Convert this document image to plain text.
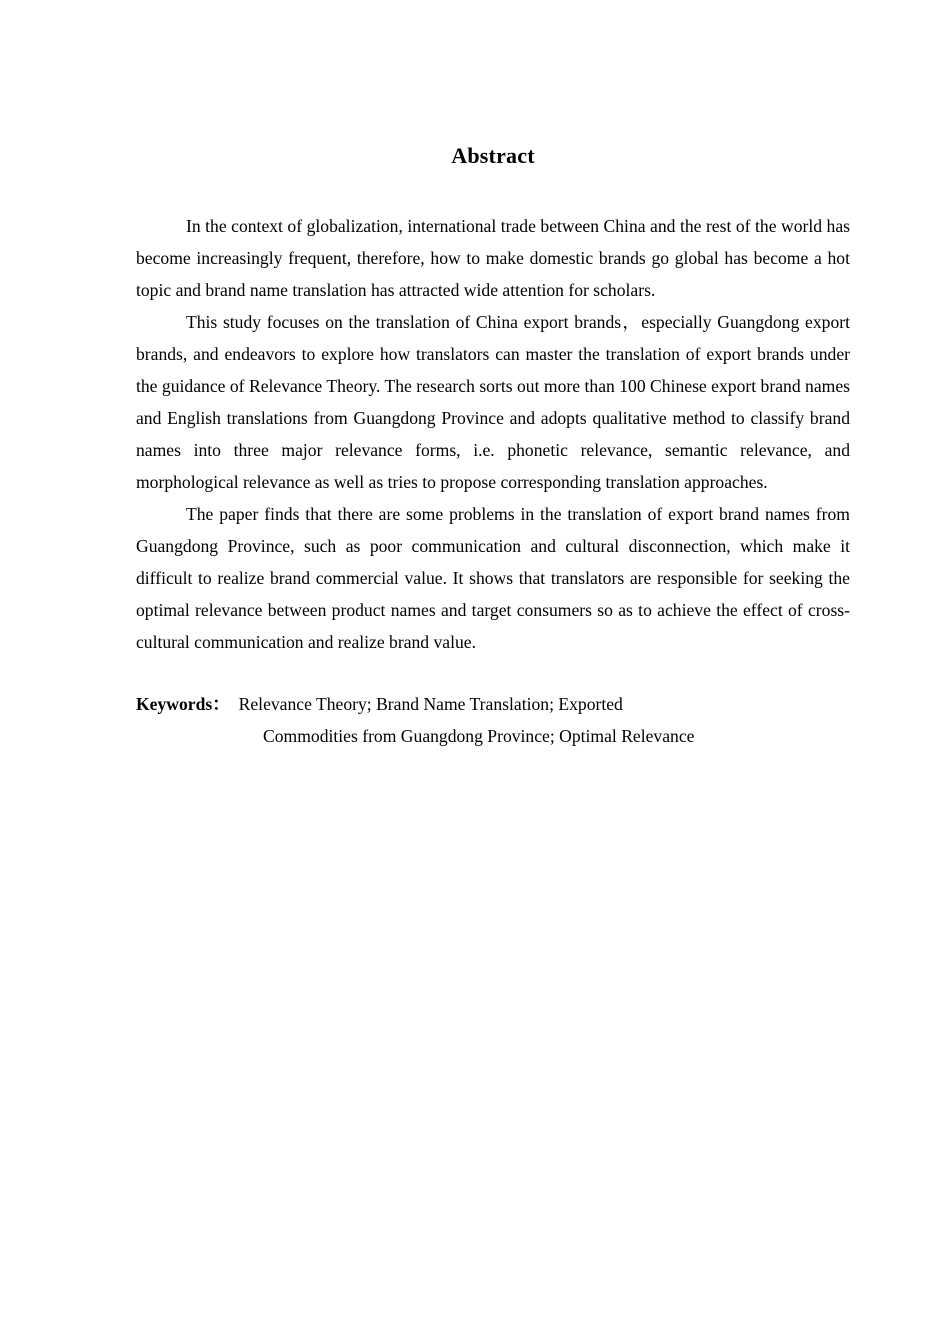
Abstract

In the context of globalization, international trade between China and the rest of the world has become increasingly frequent, therefore, how to make domestic brands go global has become a hot topic and brand name translation has attracted wide attention for scholars.

This study focuses on the translation of China export brands，especially Guangdong export brands, and endeavors to explore how translators can master the translation of export brands under the guidance of Relevance Theory. The research sorts out more than 100 Chinese export brand names and English translations from Guangdong Province and adopts qualitative method to classify brand names into three major relevance forms, i.e. phonetic relevance, semantic relevance, and morphological relevance as well as tries to propose corresponding translation approaches.

The paper finds that there are some problems in the translation of export brand names from Guangdong Province, such as poor communication and cultural disconnection, which make it difficult to realize brand commercial value. It shows that translators are responsible for seeking the optimal relevance between product names and target consumers so as to achieve the effect of cross-cultural communication and realize brand value.

Keywords： Relevance Theory; Brand Name Translation; Exported
Commodities from Guangdong Province; Optimal Relevance
